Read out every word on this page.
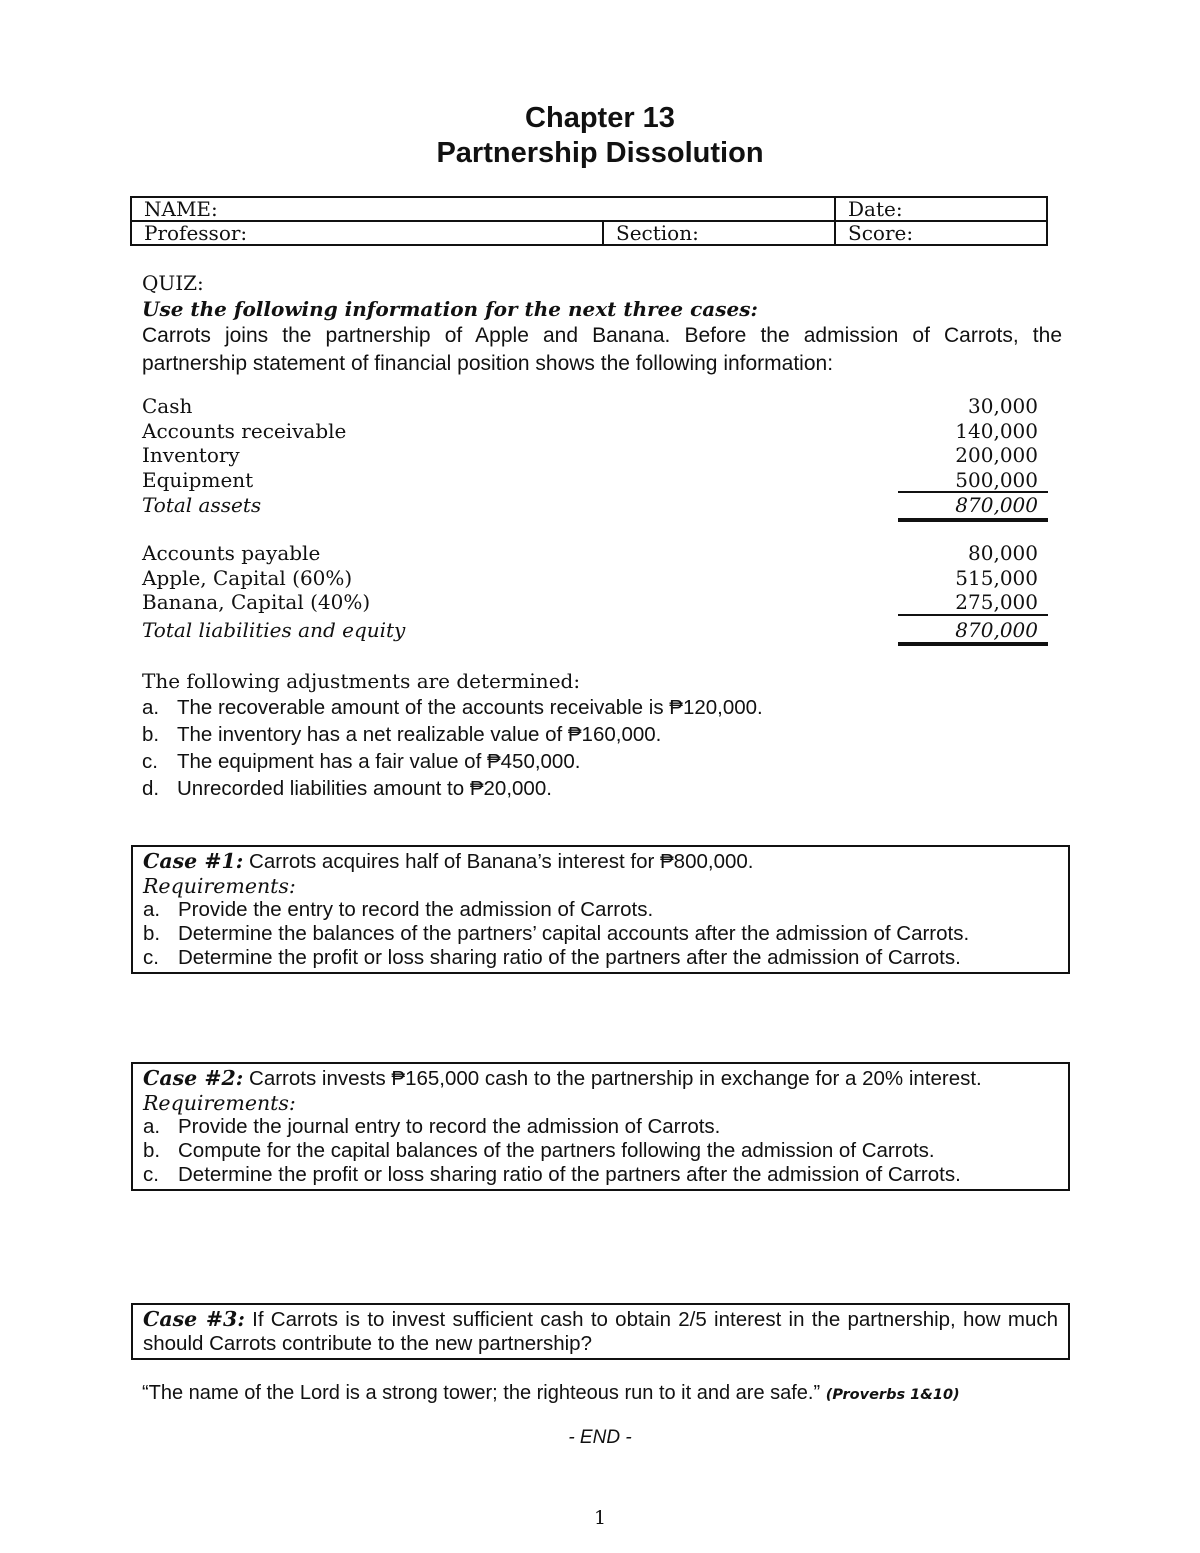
Chapter 13
Partnership Dissolution
NAME:		Date:
Professor:	Section:	Score:
QUIZ:
Use the following information for the next three cases:
Carrots joins the partnership of Apple and Banana. Before the admission of Carrots, the partnership statement of financial position shows the following information:
Cash	30,000
Accounts receivable	140,000
Inventory	200,000
Equipment	500,000
Total assets	870,000
Accounts payable	80,000
Apple, Capital (60%)	515,000
Banana, Capital (40%)	275,000
Total liabilities and equity	870,000
The following adjustments are determined:
a. The recoverable amount of the accounts receivable is ₱120,000.
b. The inventory has a net realizable value of ₱160,000.
c. The equipment has a fair value of ₱450,000.
d. Unrecorded liabilities amount to ₱20,000.
Case #1: Carrots acquires half of Banana’s interest for ₱800,000.
Requirements:
a. Provide the entry to record the admission of Carrots.
b. Determine the balances of the partners’ capital accounts after the admission of Carrots.
c. Determine the profit or loss sharing ratio of the partners after the admission of Carrots.
Case #2: Carrots invests ₱165,000 cash to the partnership in exchange for a 20% interest.
Requirements:
a. Provide the journal entry to record the admission of Carrots.
b. Compute for the capital balances of the partners following the admission of Carrots.
c. Determine the profit or loss sharing ratio of the partners after the admission of Carrots.
Case #3: If Carrots is to invest sufficient cash to obtain 2/5 interest in the partnership, how much should Carrots contribute to the new partnership?
“The name of the Lord is a strong tower; the righteous run to it and are safe.” (Proverbs 1&10)
- END -
1
